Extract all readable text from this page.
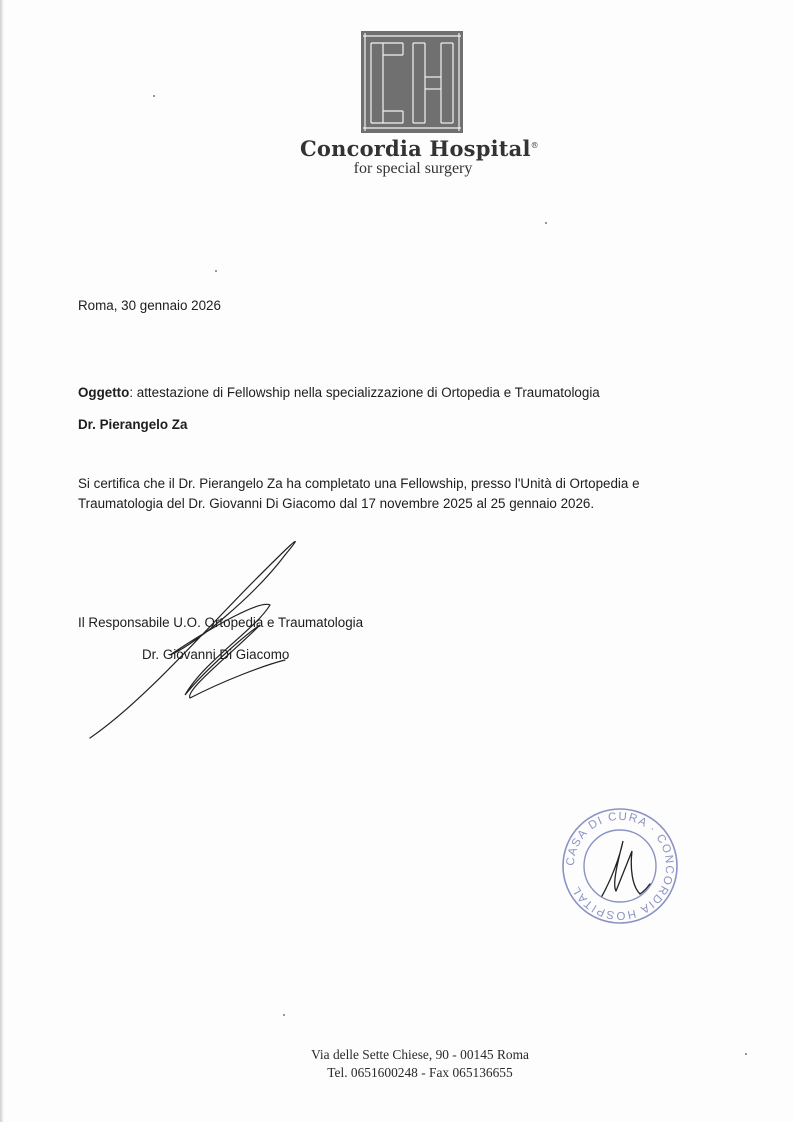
Concordia Hospital®
for special surgery
Roma, 30 gennaio 2026
Oggetto: attestazione di Fellowship nella specializzazione di Ortopedia e Traumatologia
Dr. Pierangelo Za
Si certifica che il Dr. Pierangelo Za ha completato una Fellowship, presso l'Unità di Ortopedia e
Traumatologia del Dr. Giovanni Di Giacomo dal 17 novembre 2025 al 25 gennaio 2026.
Il Responsabile U.O. Ortopedia e Traumatologia
Dr. Giovanni Di Giacomo
CASA DI CURA · CONCORDIA HOSPITAL
Via delle Sette Chiese, 90 - 00145 Roma
Tel. 0651600248 - Fax 065136655
